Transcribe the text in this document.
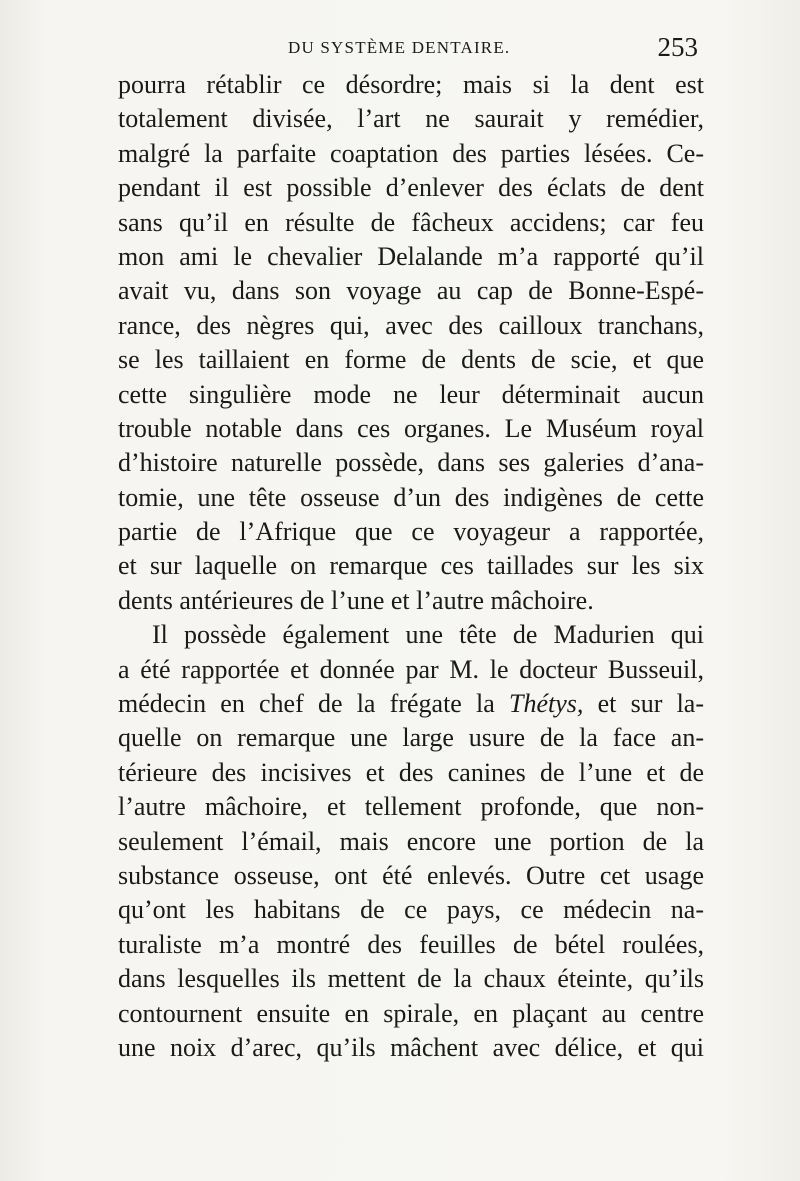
DU SYSTÈME DENTAIRE.	253
pourra rétablir ce désordre; mais si la dent est
totalement divisée, l’art ne saurait y remédier,
malgré la parfaite coaptation des parties lésées. Ce-
pendant il est possible d’enlever des éclats de dent
sans qu’il en résulte de fâcheux accidens; car feu
mon ami le chevalier Delalande m’a rapporté qu’il
avait vu, dans son voyage au cap de Bonne-Espé-
rance, des nègres qui, avec des cailloux tranchans,
se les taillaient en forme de dents de scie, et que
cette singulière mode ne leur déterminait aucun
trouble notable dans ces organes. Le Muséum royal
d’histoire naturelle possède, dans ses galeries d’ana-
tomie, une tête osseuse d’un des indigènes de cette
partie de l’Afrique que ce voyageur a rapportée,
et sur laquelle on remarque ces taillades sur les six
dents antérieures de l’une et l’autre mâchoire.
Il possède également une tête de Madurien qui
a été rapportée et donnée par M. le docteur Busseuil,
médecin en chef de la frégate la Thétys, et sur la-
quelle on remarque une large usure de la face an-
térieure des incisives et des canines de l’une et de
l’autre mâchoire, et tellement profonde, que non-
seulement l’émail, mais encore une portion de la
substance osseuse, ont été enlevés. Outre cet usage
qu’ont les habitans de ce pays, ce médecin na-
turaliste m’a montré des feuilles de bétel roulées,
dans lesquelles ils mettent de la chaux éteinte, qu’ils
contournent ensuite en spirale, en plaçant au centre
une noix d’arec, qu’ils mâchent avec délice, et qui
